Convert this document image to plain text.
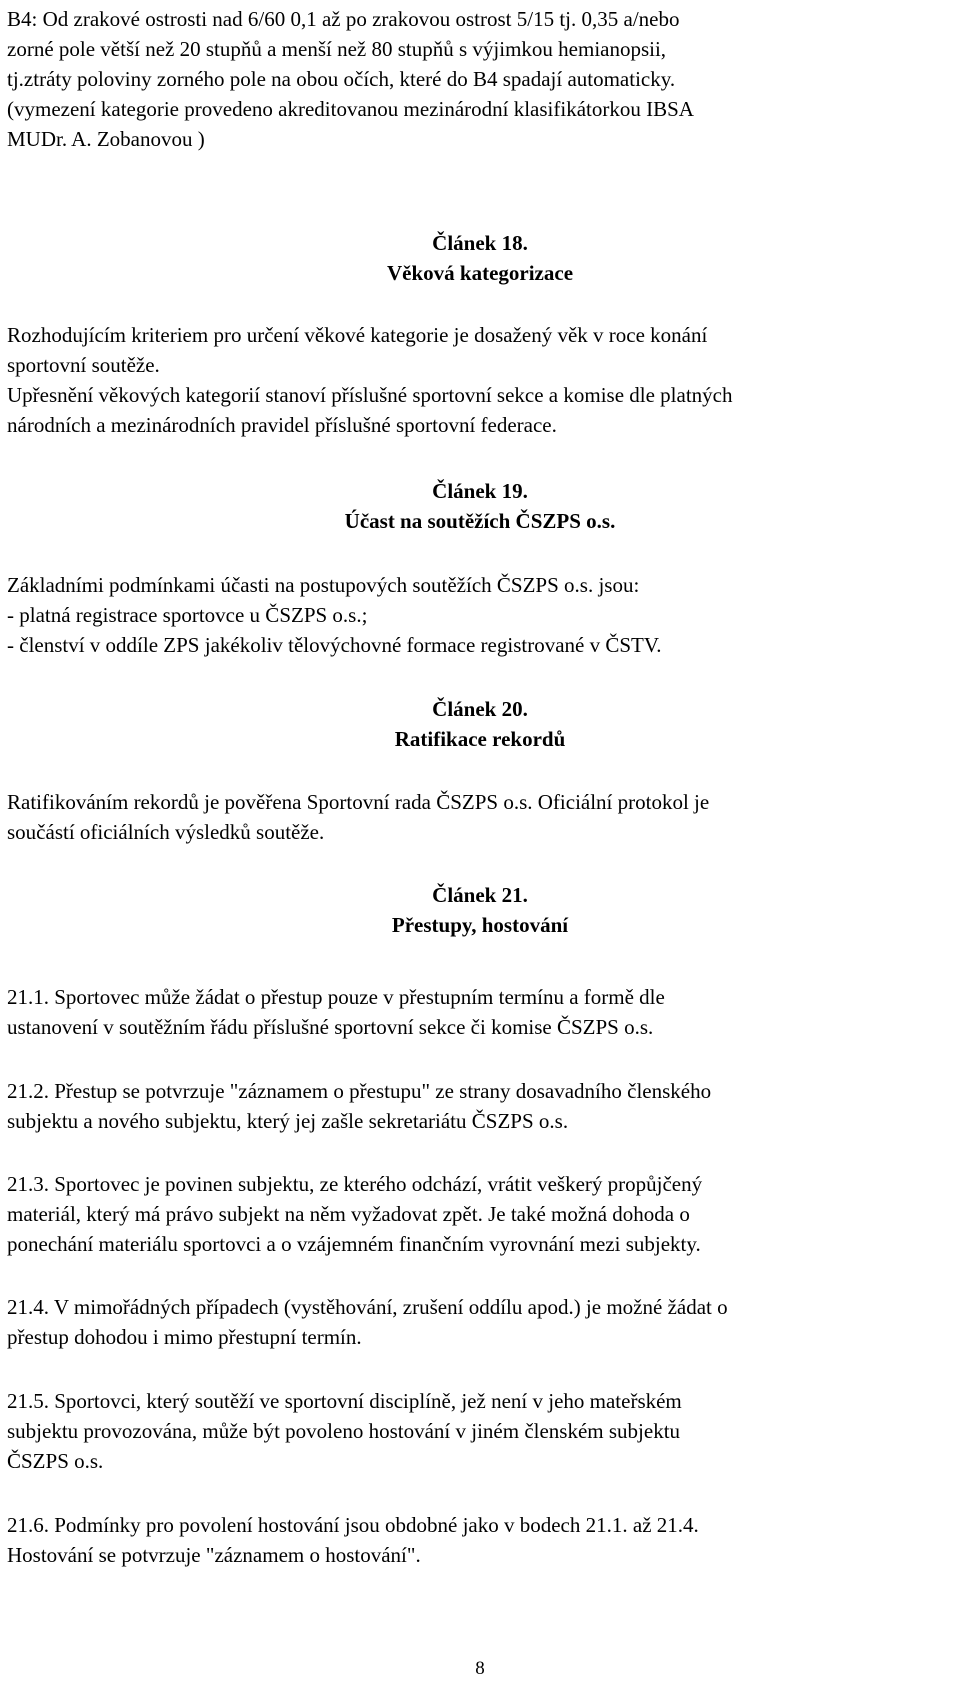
B4: Od zrakové ostrosti nad 6/60 0,1 až po zrakovou ostrost 5/15 tj. 0,35 a/nebo
zorné pole větší než 20 stupňů a menší než 80 stupňů s výjimkou hemianopsii,
tj.ztráty poloviny zorného pole na obou očích, které do B4 spadají automaticky.
(vymezení kategorie provedeno akreditovanou mezinárodní klasifikátorkou IBSA
MUDr. A. Zobanovou )
Článek 18.
Věková kategorizace
Rozhodujícím kriteriem pro určení věkové kategorie je dosažený věk v roce konání
sportovní soutěže.
Upřesnění věkových kategorií stanoví příslušné sportovní sekce a komise dle platných
národních a mezinárodních pravidel příslušné sportovní federace.
Článek 19.
Účast na soutěžích ČSZPS o.s.
Základními podmínkami účasti na postupových soutěžích ČSZPS o.s. jsou:
- platná registrace sportovce u ČSZPS o.s.;
- členství v oddíle ZPS jakékoliv tělovýchovné formace registrované v ČSTV.
Článek 20.
Ratifikace rekordů
Ratifikováním rekordů je pověřena Sportovní rada ČSZPS o.s. Oficiální protokol je
součástí oficiálních výsledků soutěže.
Článek 21.
Přestupy, hostování
21.1. Sportovec může žádat o přestup pouze v přestupním termínu a formě dle
ustanovení v soutěžním řádu příslušné sportovní sekce či komise ČSZPS o.s.
21.2. Přestup se potvrzuje "záznamem o přestupu" ze strany dosavadního členského
subjektu a nového subjektu, který jej zašle sekretariátu ČSZPS o.s.
21.3. Sportovec je povinen subjektu, ze kterého odchází, vrátit veškerý propůjčený
materiál, který má právo subjekt na něm vyžadovat zpět. Je také možná dohoda o
ponechání materiálu sportovci a o vzájemném finančním vyrovnání mezi subjekty.
21.4. V mimořádných případech (vystěhování, zrušení oddílu apod.) je možné žádat o
přestup dohodou i mimo přestupní termín.
21.5. Sportovci, který soutěží ve sportovní disciplíně, jež není v jeho mateřském
subjektu provozována, může být povoleno hostování v jiném členském subjektu
ČSZPS o.s.
21.6. Podmínky pro povolení hostování jsou obdobné jako v bodech 21.1. až 21.4.
Hostování se potvrzuje "záznamem o hostování".
8
